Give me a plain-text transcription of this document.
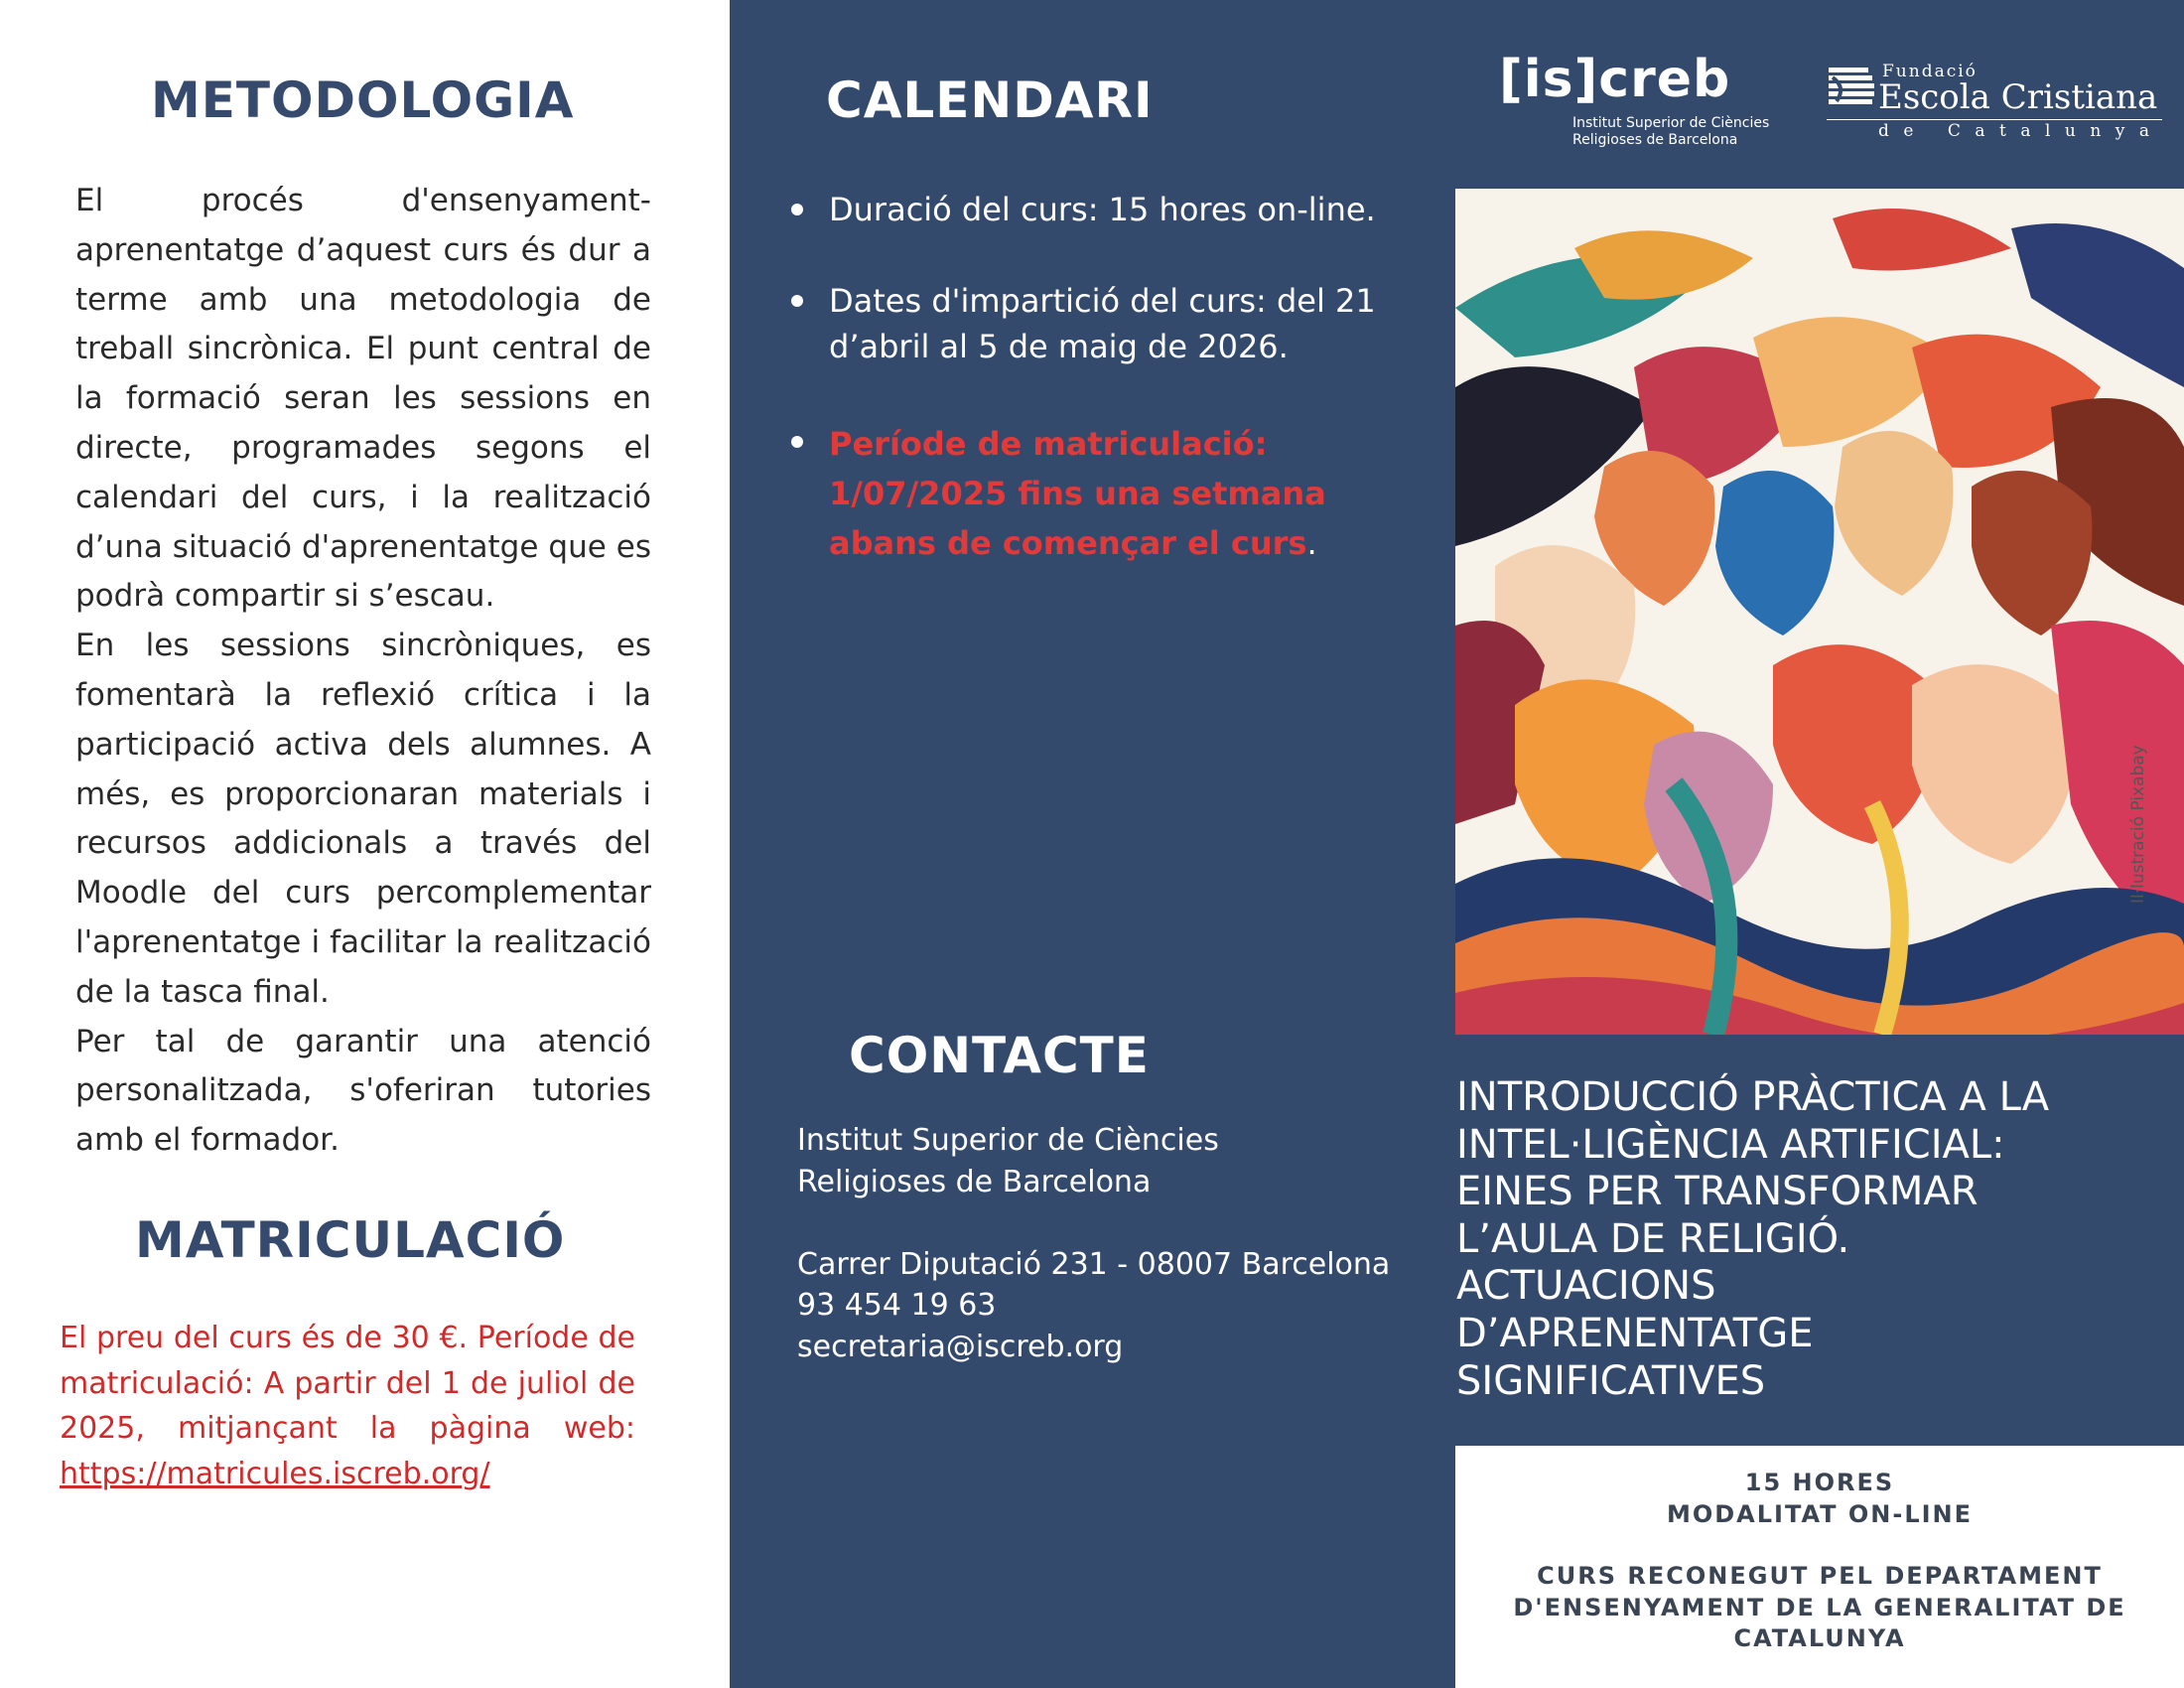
METODOLOGIA

El procés d'ensenyament-aprenentatge d’aquest curs és dur a terme amb una metodologia de treball sincrònica. El punt central de la formació seran les sessions en directe, programades segons el calendari del curs, i la realització d’una situació d'aprenentatge que es podrà compartir si s’escau.

En les sessions sincròniques, es fomentarà la reflexió crítica i la participació activa dels alumnes. A més, es proporcionaran materials i recursos addicionals a través del Moodle del curs percomplementar l'aprenentatge i facilitar la realització de la tasca final.

Per tal de garantir una atenció personalitzada, s'oferiran tutories amb el formador.

MATRICULACIÓ

El preu del curs és de 30 €. Període de matriculació: A partir del 1 de juliol de 2025, mitjançant la pàgina web: https://matricules.iscreb.org/

CALENDARI
Duració del curs: 15 hores on-line.
Dates d'impartició del curs: del 21 d’abril al 5 de maig de 2026.
Període de matriculació: 1/07/2025 fins una setmana abans de començar el curs.
CONTACTE
Institut Superior de Ciències
Religioses de Barcelona
Carrer Diputació 231 - 08007 Barcelona
93 454 19 63
secretaria@iscreb.org
[is]creb
Institut Superior de Ciències
Religioses de Barcelona
Fundació
Escola Cristiana
de Catalunya
Il·lustració Pixabay
INTRODUCCIÓ PRÀCTICA A LA
INTEL·LIGÈNCIA ARTIFICIAL:
EINES PER TRANSFORMAR
L’AULA DE RELIGIÓ.
ACTUACIONS
D’APRENENTATGE
SIGNIFICATIVES
15 HORES
MODALITAT ON-LINE
CURS RECONEGUT PEL DEPARTAMENT
D'ENSENYAMENT DE LA GENERALITAT DE
CATALUNYA
